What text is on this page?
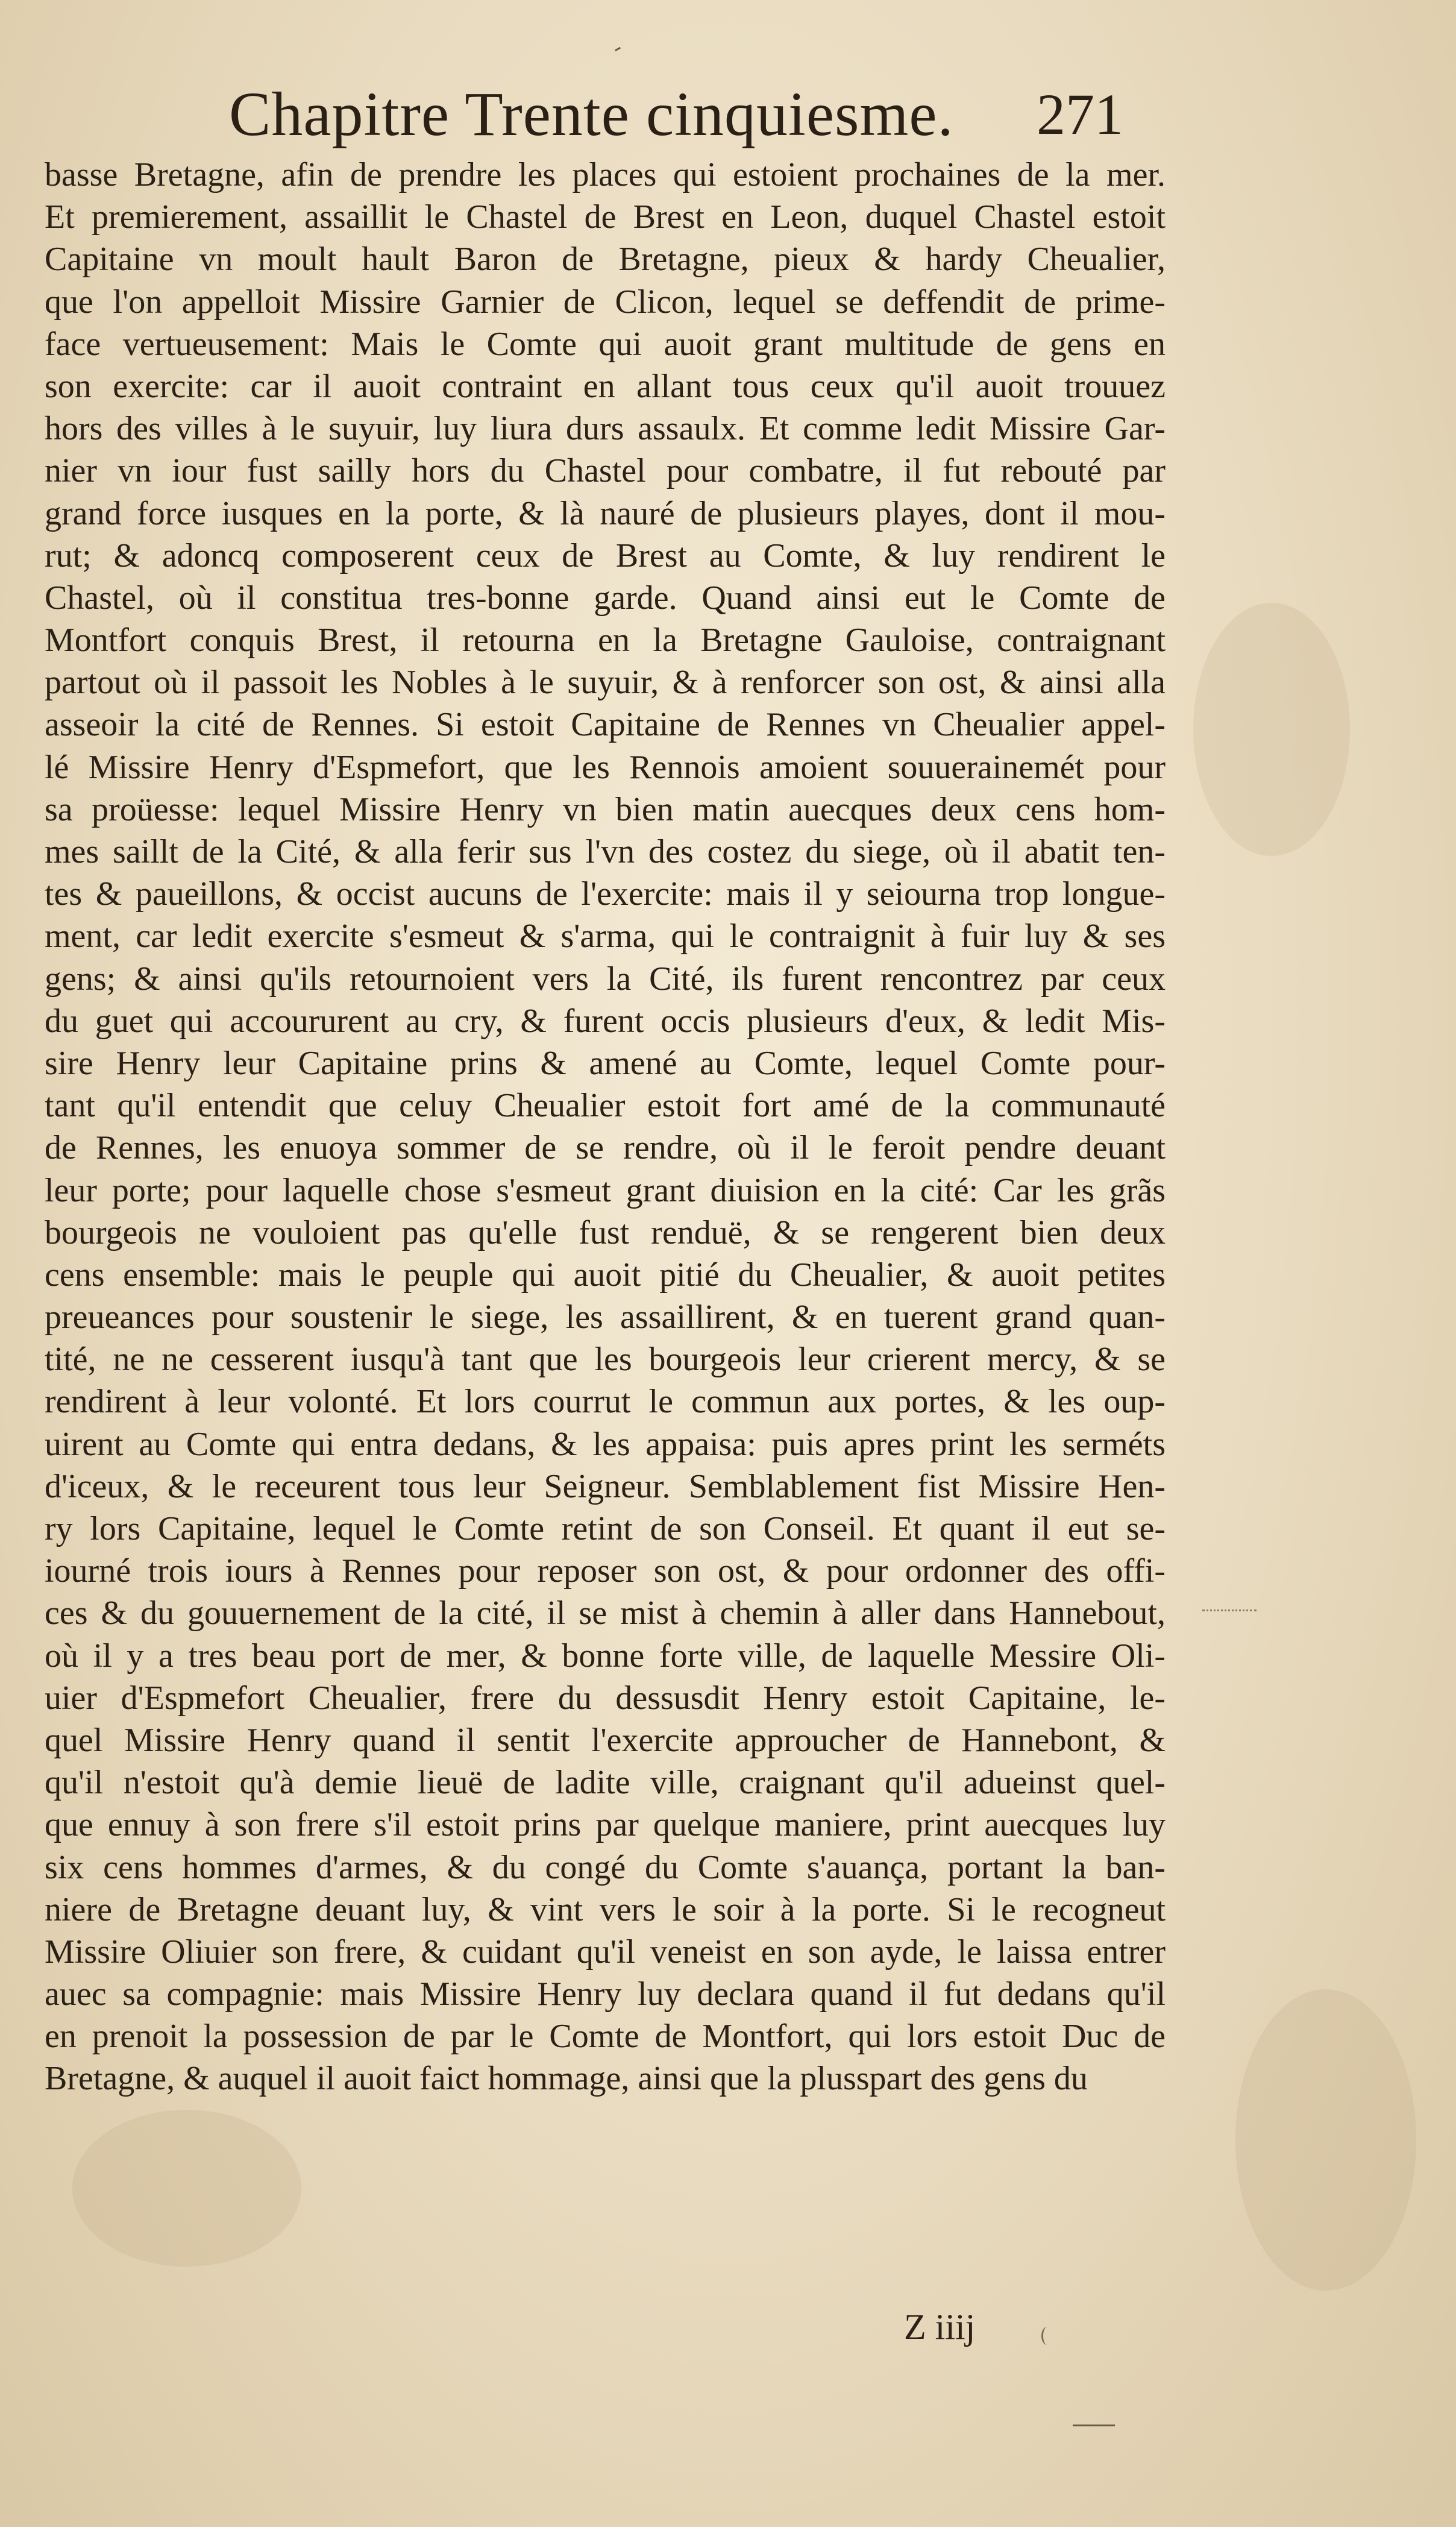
Chapitre Trente cinquiesme. 271
basse Bretagne, afin de prendre les places qui estoient prochaines de la mer.
Et premierement, assaillit le Chastel de Brest en Leon, duquel Chastel estoit
Capitaine vn moult hault Baron de Bretagne, pieux & hardy Cheualier,
que l'on appelloit Missire Garnier de Clicon, lequel se deffendit de prime-
face vertueusement: Mais le Comte qui auoit grant multitude de gens en
son exercite: car il auoit contraint en allant tous ceux qu'il auoit trouuez
hors des villes à le suyuir, luy liura durs assaulx. Et comme ledit Missire Gar-
nier vn iour fust sailly hors du Chastel pour combatre, il fut rebouté par
grand force iusques en la porte, & là nauré de plusieurs playes, dont il mou-
rut; & adoncq composerent ceux de Brest au Comte, & luy rendirent le
Chastel, où il constitua tres-bonne garde. Quand ainsi eut le Comte de
Montfort conquis Brest, il retourna en la Bretagne Gauloise, contraignant
partout où il passoit les Nobles à le suyuir, & à renforcer son ost, & ainsi alla
asseoir la cité de Rennes. Si estoit Capitaine de Rennes vn Cheualier appel-
lé Missire Henry d'Espmefort, que les Rennois amoient souuerainemét pour
sa proüesse: lequel Missire Henry vn bien matin auecques deux cens hom-
mes saillt de la Cité, & alla ferir sus l'vn des costez du siege, où il abatit ten-
tes & paueillons, & occist aucuns de l'exercite: mais il y seiourna trop longue-
ment, car ledit exercite s'esmeut & s'arma, qui le contraignit à fuir luy & ses
gens; & ainsi qu'ils retournoient vers la Cité, ils furent rencontrez par ceux
du guet qui accoururent au cry, & furent occis plusieurs d'eux, & ledit Mis-
sire Henry leur Capitaine prins & amené au Comte, lequel Comte pour-
tant qu'il entendit que celuy Cheualier estoit fort amé de la communauté
de Rennes, les enuoya sommer de se rendre, où il le feroit pendre deuant
leur porte; pour laquelle chose s'esmeut grant diuision en la cité: Car les grãs
bourgeois ne vouloient pas qu'elle fust renduë, & se rengerent bien deux
cens ensemble: mais le peuple qui auoit pitié du Cheualier, & auoit petites
preueances pour soustenir le siege, les assaillirent, & en tuerent grand quan-
tité, ne ne cesserent iusqu'à tant que les bourgeois leur crierent mercy, & se
rendirent à leur volonté. Et lors courrut le commun aux portes, & les oup-
uirent au Comte qui entra dedans, & les appaisa: puis apres print les serméts
d'iceux, & le receurent tous leur Seigneur. Semblablement fist Missire Hen-
ry lors Capitaine, lequel le Comte retint de son Conseil. Et quant il eut se-
iourné trois iours à Rennes pour reposer son ost, & pour ordonner des offi-
ces & du gouuernement de la cité, il se mist à chemin à aller dans Hannebout,
où il y a tres beau port de mer, & bonne forte ville, de laquelle Messire Oli-
uier d'Espmefort Cheualier, frere du dessusdit Henry estoit Capitaine, le-
quel Missire Henry quand il sentit l'exercite approucher de Hannebont, &
qu'il n'estoit qu'à demie lieuë de ladite ville, craignant qu'il adueinst quel-
que ennuy à son frere s'il estoit prins par quelque maniere, print auecques luy
six cens hommes d'armes, & du congé du Comte s'auança, portant la ban-
niere de Bretagne deuant luy, & vint vers le soir à la porte. Si le recogneut
Missire Oliuier son frere, & cuidant qu'il veneist en son ayde, le laissa entrer
auec sa compagnie: mais Missire Henry luy declara quand il fut dedans qu'il
en prenoit la possession de par le Comte de Montfort, qui lors estoit Duc de
Bretagne, & auquel il auoit faict hommage, ainsi que la plusspart des gens du
Z iiij
